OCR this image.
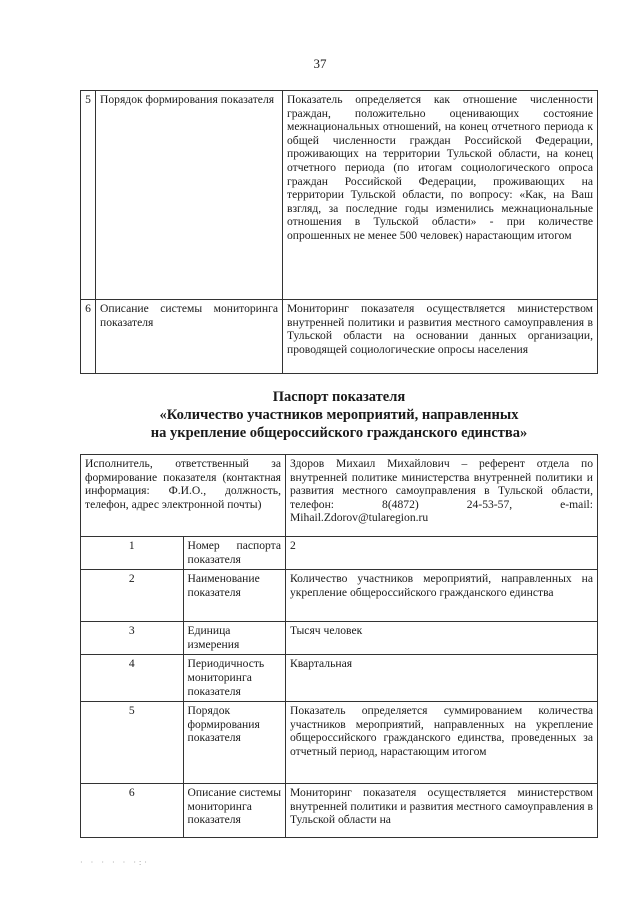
37
5	Порядок формирования показателя	Показатель определяется как отношение численности граждан, положительно оценивающих состояние межнациональных отношений, на конец отчетного периода к общей численности граждан Российской Федерации, проживающих на территории Тульской области, на конец отчетного периода (по итогам социологического опроса граждан Российской Федерации, проживающих на территории Тульской области, по вопросу: «Как, на Ваш взгляд, за последние годы изменились межнациональные отношения в Тульской области» - при количестве опрошенных не менее 500 человек) нарастающим итогом
6	Описание системы мониторинга показателя	Мониторинг показателя осуществляется министерством внутренней политики и развития местного самоуправления в Тульской области на основании данных организации, проводящей социологические опросы населения
Паспорт показателя
«Количество участников мероприятий, направленных
на укрепление общероссийского гражданского единства»
Исполнитель, ответственный за формирование показателя (контактная информация: Ф.И.О., должность, телефон, адрес электронной почты)		Здоров Михаил Михайлович – референт отдела по внутренней политике министерства внутренней политики и развития местного самоуправления в Тульской области, телефон: 8(4872) 24-53-57, e-mail: Mihail.Zdorov@tularegion.ru
1	Номер паспорта показателя	2
2	Наименование показателя	Количество участников мероприятий, направленных на укрепление общероссийского гражданского единства
3	Единица измерения	Тысяч человек
4	Периодичность мониторинга показателя	Квартальная
5	Порядок формирования показателя	Показатель определяется суммированием количества участников мероприятий, направленных на укрепление общероссийского гражданского единства, проведенных за отчетный период, нарастающим итогом
6	Описание системы мониторинга показателя	Мониторинг показателя осуществляется министерством внутренней политики и развития местного самоуправления в Тульской области на
· · · · · ·:·
